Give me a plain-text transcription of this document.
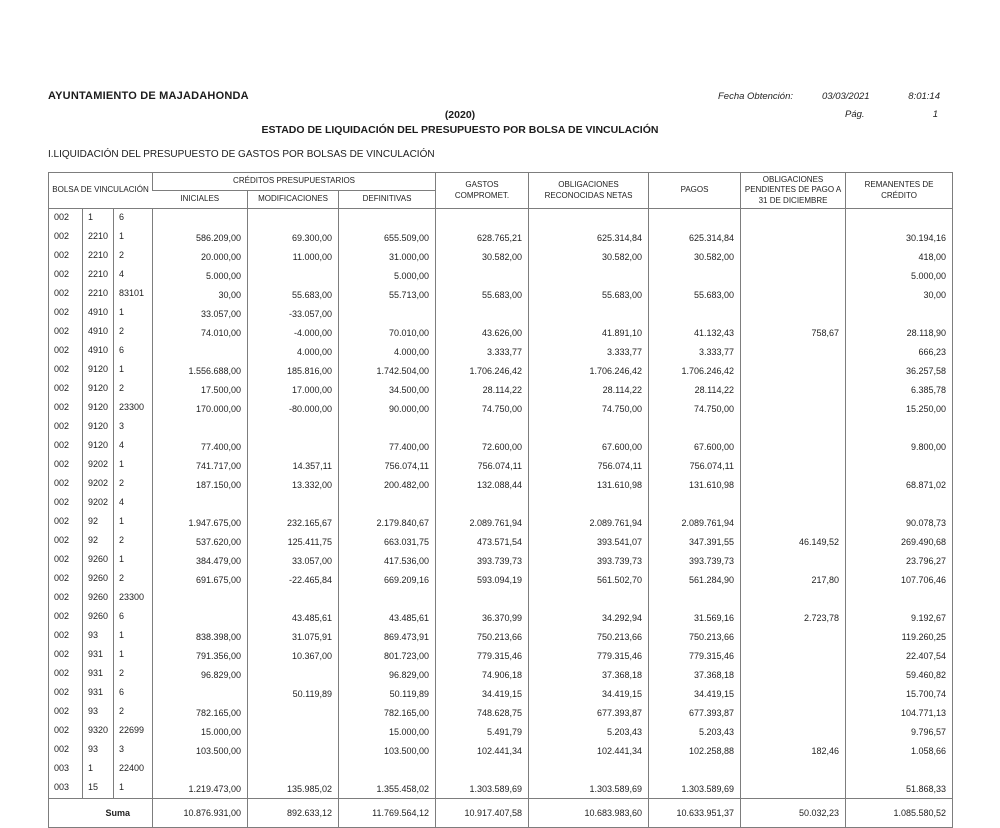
AYUNTAMIENTO DE MAJADAHONDA	Fecha Obtención:	03/03/2021	8:01:14
Pág.	1
(2020)
ESTADO DE LIQUIDACIÓN DEL PRESUPUESTO POR BOLSA DE VINCULACIÓN
I.LIQUIDACIÓN DEL PRESUPUESTO DE GASTOS POR BOLSAS DE VINCULACIÓN
BOLSA DE VINCULACIÓN			CRÉDITOS PRESUPUESTARIOS			GASTOS COMPROMET.	OBLIGACIONES RECONOCIDAS NETAS	PAGOS	OBLIGACIONES PENDIENTES DE PAGO A 31 DE DICIEMBRE	REMANENTES DE CRÉDITO
			INICIALES	MODIFICACIONES	DEFINITIVAS					
002	1	6								
002	2210	1	586.209,00	69.300,00	655.509,00	628.765,21	625.314,84	625.314,84		30.194,16
002	2210	2	20.000,00	11.000,00	31.000,00	30.582,00	30.582,00	30.582,00		418,00
002	2210	4	5.000,00		5.000,00					5.000,00
002	2210	83101	30,00	55.683,00	55.713,00	55.683,00	55.683,00	55.683,00		30,00
002	4910	1	33.057,00	-33.057,00						
002	4910	2	74.010,00	-4.000,00	70.010,00	43.626,00	41.891,10	41.132,43	758,67	28.118,90
002	4910	6		4.000,00	4.000,00	3.333,77	3.333,77	3.333,77		666,23
002	9120	1	1.556.688,00	185.816,00	1.742.504,00	1.706.246,42	1.706.246,42	1.706.246,42		36.257,58
002	9120	2	17.500,00	17.000,00	34.500,00	28.114,22	28.114,22	28.114,22		6.385,78
002	9120	23300	170.000,00	-80.000,00	90.000,00	74.750,00	74.750,00	74.750,00		15.250,00
002	9120	3								
002	9120	4	77.400,00		77.400,00	72.600,00	67.600,00	67.600,00		9.800,00
002	9202	1	741.717,00	14.357,11	756.074,11	756.074,11	756.074,11	756.074,11		
002	9202	2	187.150,00	13.332,00	200.482,00	132.088,44	131.610,98	131.610,98		68.871,02
002	9202	4								
002	92	1	1.947.675,00	232.165,67	2.179.840,67	2.089.761,94	2.089.761,94	2.089.761,94		90.078,73
002	92	2	537.620,00	125.411,75	663.031,75	473.571,54	393.541,07	347.391,55	46.149,52	269.490,68
002	9260	1	384.479,00	33.057,00	417.536,00	393.739,73	393.739,73	393.739,73		23.796,27
002	9260	2	691.675,00	-22.465,84	669.209,16	593.094,19	561.502,70	561.284,90	217,80	107.706,46
002	9260	23300								
002	9260	6		43.485,61	43.485,61	36.370,99	34.292,94	31.569,16	2.723,78	9.192,67
002	93	1	838.398,00	31.075,91	869.473,91	750.213,66	750.213,66	750.213,66		119.260,25
002	931	1	791.356,00	10.367,00	801.723,00	779.315,46	779.315,46	779.315,46		22.407,54
002	931	2	96.829,00		96.829,00	74.906,18	37.368,18	37.368,18		59.460,82
002	931	6		50.119,89	50.119,89	34.419,15	34.419,15	34.419,15		15.700,74
002	93	2	782.165,00		782.165,00	748.628,75	677.393,87	677.393,87		104.771,13
002	9320	22699	15.000,00		15.000,00	5.491,79	5.203,43	5.203,43		9.796,57
002	93	3	103.500,00		103.500,00	102.441,34	102.441,34	102.258,88	182,46	1.058,66
003	1	22400								
003	15	1	1.219.473,00	135.985,02	1.355.458,02	1.303.589,69	1.303.589,69	1.303.589,69		51.868,33
Suma			10.876.931,00	892.633,12	11.769.564,12	10.917.407,58	10.683.983,60	10.633.951,37	50.032,23	1.085.580,52
